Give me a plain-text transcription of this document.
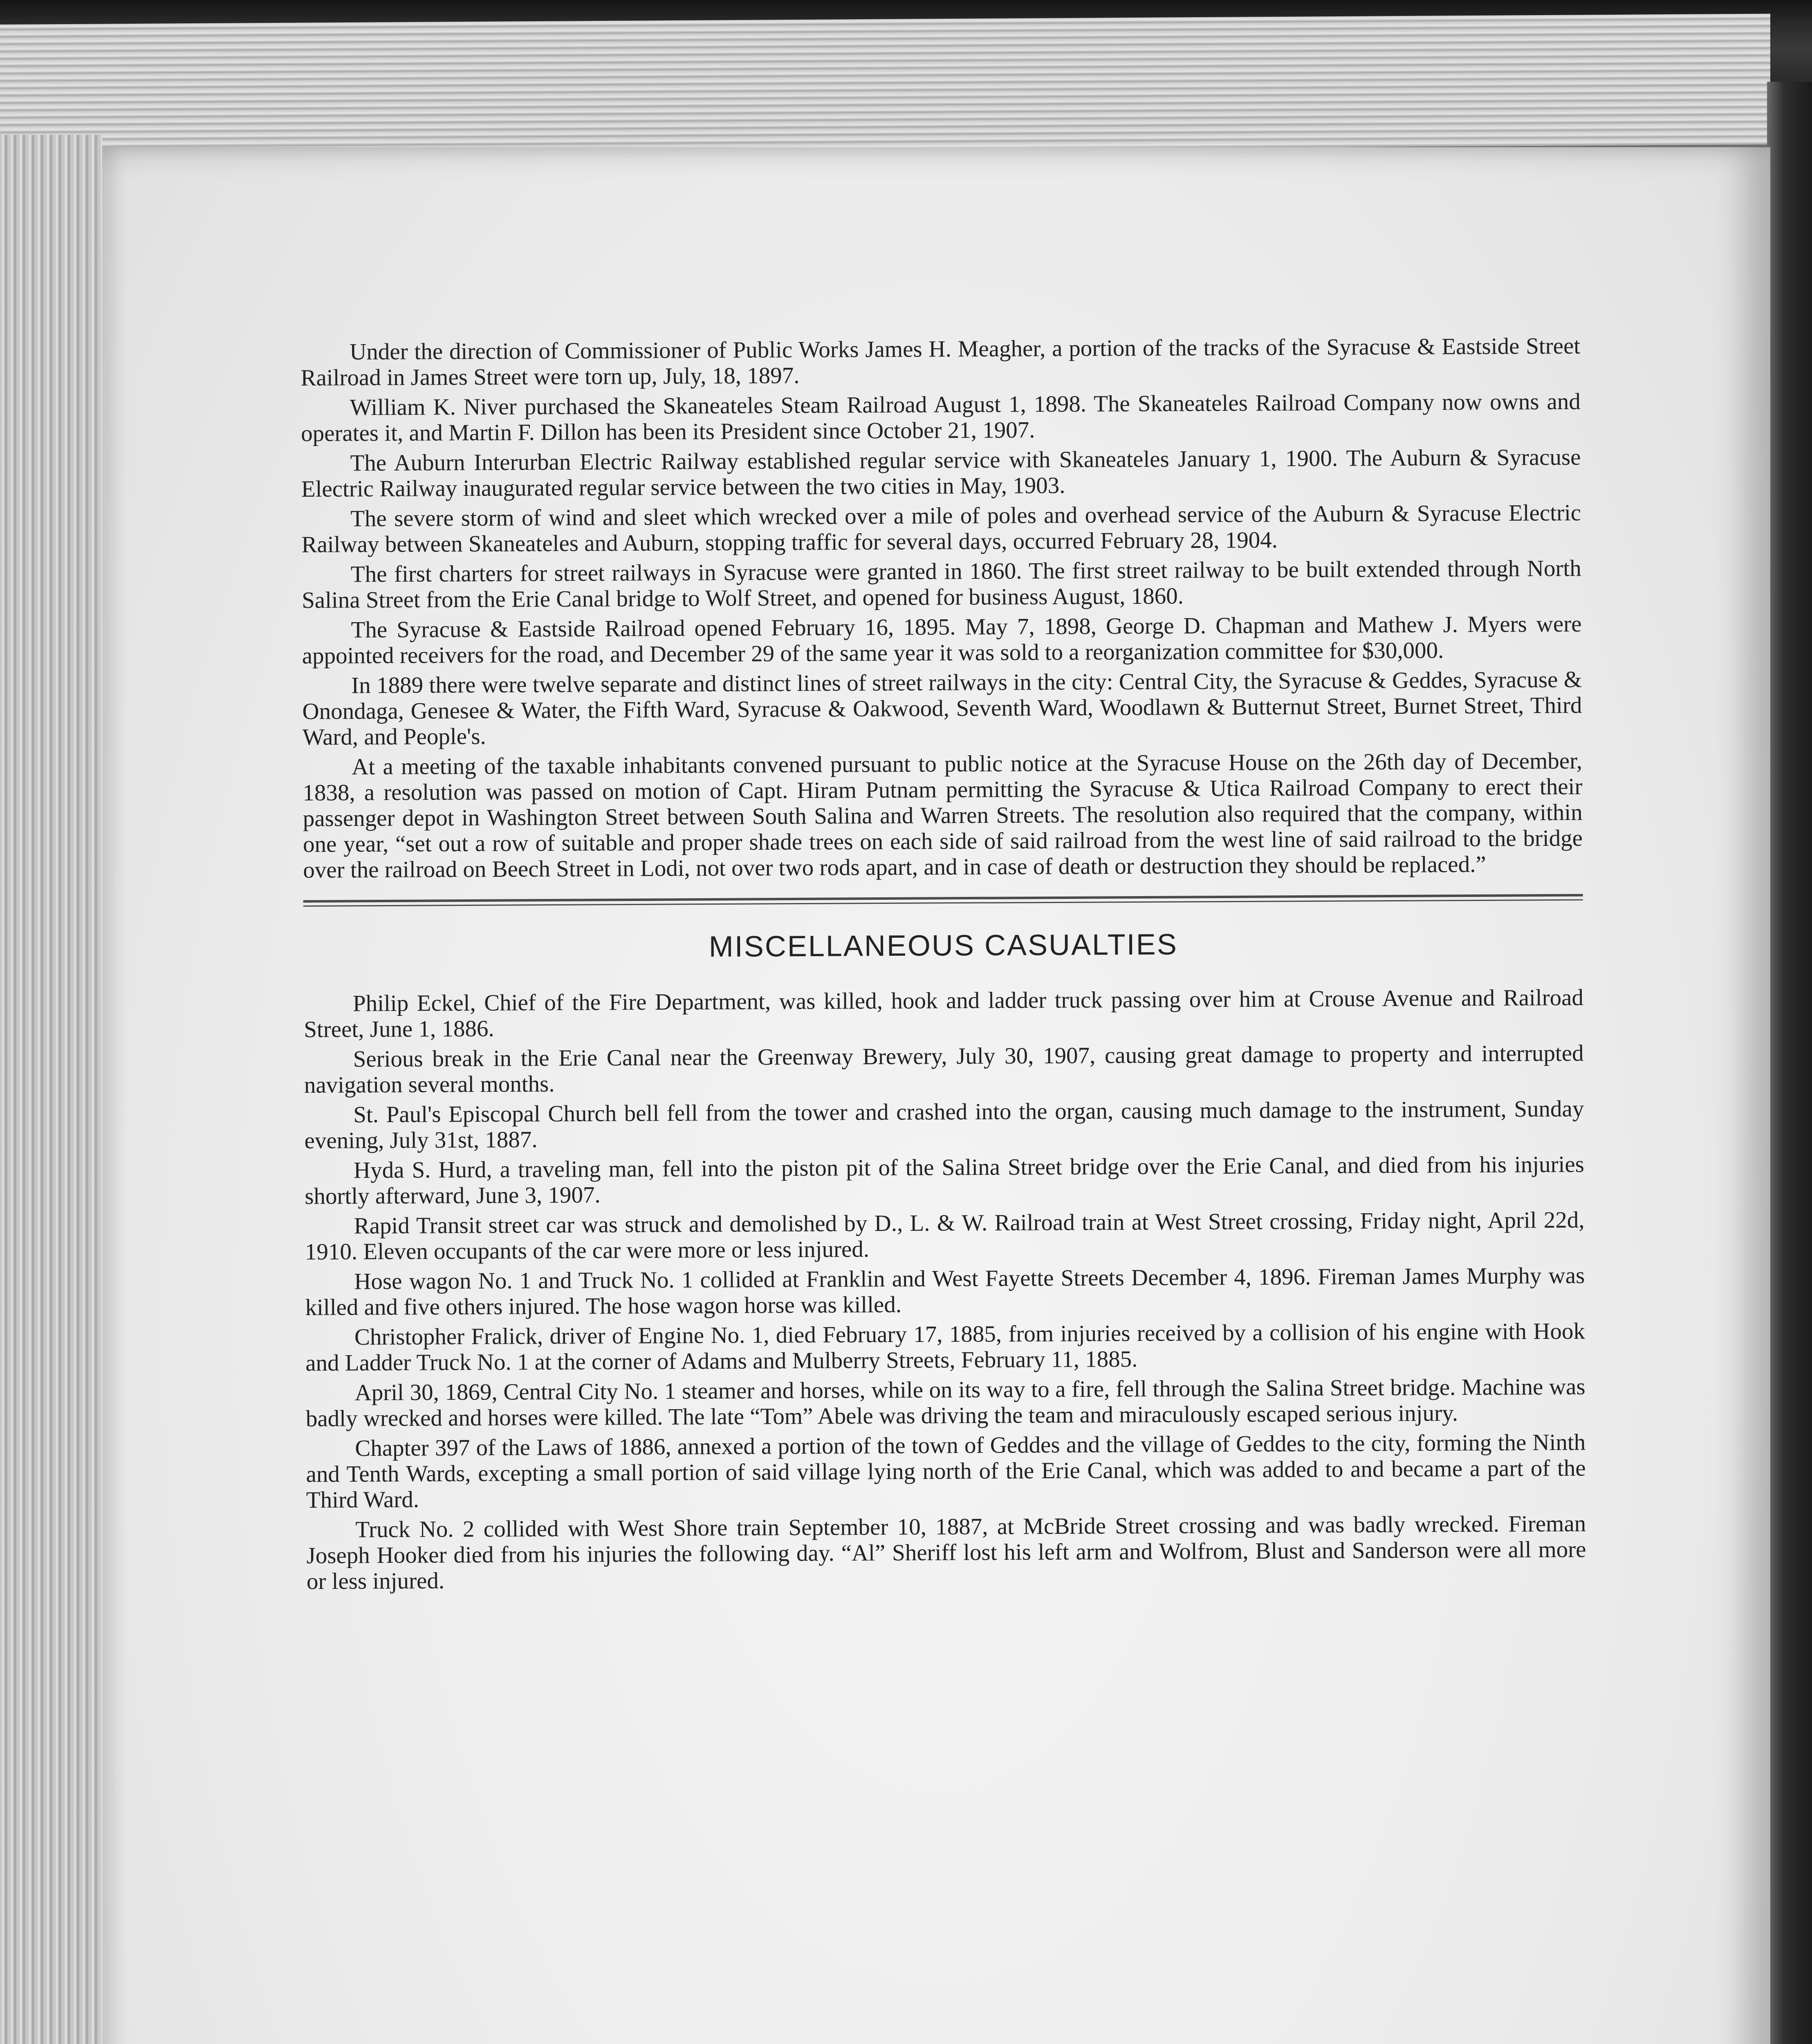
Under the direction of Commissioner of Public Works James H. Meagher, a portion of the tracks of the Syracuse & Eastside Street Railroad in James Street were torn up, July, 18, 1897.

William K. Niver purchased the Skaneateles Steam Railroad August 1, 1898. The Skaneateles Railroad Company now owns and operates it, and Martin F. Dillon has been its President since October 21, 1907.

The Auburn Interurban Electric Railway established regular service with Skaneateles January 1, 1900. The Auburn & Syracuse Electric Railway inaugurated regular service between the two cities in May, 1903.

The severe storm of wind and sleet which wrecked over a mile of poles and overhead service of the Auburn & Syracuse Electric Railway between Skaneateles and Auburn, stopping traffic for several days, occurred February 28, 1904.

The first charters for street railways in Syracuse were granted in 1860. The first street railway to be built extended through North Salina Street from the Erie Canal bridge to Wolf Street, and opened for business August, 1860.

The Syracuse & Eastside Railroad opened February 16, 1895. May 7, 1898, George D. Chapman and Mathew J. Myers were appointed receivers for the road, and December 29 of the same year it was sold to a reorganization committee for $30,000.

In 1889 there were twelve separate and distinct lines of street railways in the city: Central City, the Syracuse & Geddes, Syracuse & Onondaga, Genesee & Water, the Fifth Ward, Syracuse & Oakwood, Seventh Ward, Woodlawn & Butternut Street, Burnet Street, Third Ward, and People's.

At a meeting of the taxable inhabitants convened pursuant to public notice at the Syracuse House on the 26th day of December, 1838, a resolution was passed on motion of Capt. Hiram Putnam permitting the Syracuse & Utica Railroad Company to erect their passenger depot in Washington Street between South Salina and Warren Streets. The resolution also required that the company, within one year, “set out a row of suitable and proper shade trees on each side of said railroad from the west line of said railroad to the bridge over the railroad on Beech Street in Lodi, not over two rods apart, and in case of death or destruction they should be replaced.”

MISCELLANEOUS CASUALTIES

Philip Eckel, Chief of the Fire Department, was killed, hook and ladder truck passing over him at Crouse Avenue and Railroad Street, June 1, 1886.

Serious break in the Erie Canal near the Greenway Brewery, July 30, 1907, causing great damage to property and interrupted navigation several months.

St. Paul's Episcopal Church bell fell from the tower and crashed into the organ, causing much damage to the instrument, Sunday evening, July 31st, 1887.

Hyda S. Hurd, a traveling man, fell into the piston pit of the Salina Street bridge over the Erie Canal, and died from his injuries shortly afterward, June 3, 1907.

Rapid Transit street car was struck and demolished by D., L. & W. Railroad train at West Street crossing, Friday night, April 22d, 1910. Eleven occupants of the car were more or less injured.

Hose wagon No. 1 and Truck No. 1 collided at Franklin and West Fayette Streets December 4, 1896. Fireman James Murphy was killed and five others injured. The hose wagon horse was killed.

Christopher Fralick, driver of Engine No. 1, died February 17, 1885, from injuries received by a collision of his engine with Hook and Ladder Truck No. 1 at the corner of Adams and Mulberry Streets, February 11, 1885.

April 30, 1869, Central City No. 1 steamer and horses, while on its way to a fire, fell through the Salina Street bridge. Machine was badly wrecked and horses were killed. The late “Tom” Abele was driving the team and miraculously escaped serious injury.

Chapter 397 of the Laws of 1886, annexed a portion of the town of Geddes and the village of Geddes to the city, forming the Ninth and Tenth Wards, excepting a small portion of said village lying north of the Erie Canal, which was added to and became a part of the Third Ward.

Truck No. 2 collided with West Shore train September 10, 1887, at McBride Street crossing and was badly wrecked. Fireman Joseph Hooker died from his injuries the following day. “Al” Sheriff lost his left arm and Wolfrom, Blust and Sanderson were all more or less injured.
